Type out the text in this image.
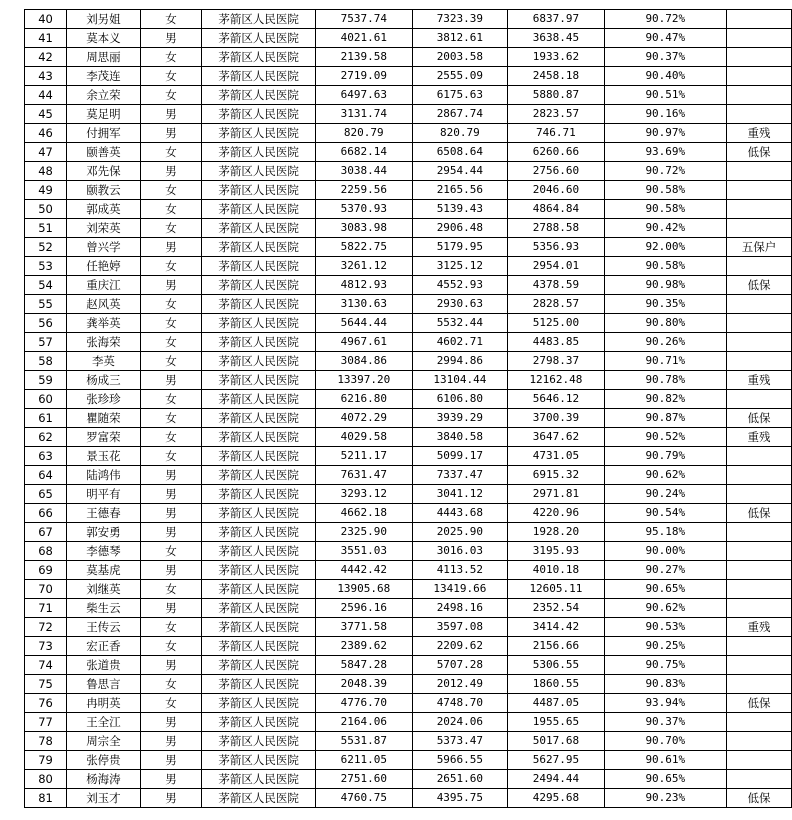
40	刘另姐	女	茅箭区人民医院	7537.74	7323.39	6837.97	90.72%	
41	莫本义	男	茅箭区人民医院	4021.61	3812.61	3638.45	90.47%	
42	周思丽	女	茅箭区人民医院	2139.58	2003.58	1933.62	90.37%	
43	李茂连	女	茅箭区人民医院	2719.09	2555.09	2458.18	90.40%	
44	余立荣	女	茅箭区人民医院	6497.63	6175.63	5880.87	90.51%	
45	莫足明	男	茅箭区人民医院	3131.74	2867.74	2823.57	90.16%	
46	付拥军	男	茅箭区人民医院	820.79	820.79	746.71	90.97%	重残
47	颐善英	女	茅箭区人民医院	6682.14	6508.64	6260.66	93.69%	低保
48	邓先保	男	茅箭区人民医院	3038.44	2954.44	2756.60	90.72%	
49	颐教云	女	茅箭区人民医院	2259.56	2165.56	2046.60	90.58%	
50	郭成英	女	茅箭区人民医院	5370.93	5139.43	4864.84	90.58%	
51	刘荣英	女	茅箭区人民医院	3083.98	2906.48	2788.58	90.42%	
52	曾兴学	男	茅箭区人民医院	5822.75	5179.95	5356.93	92.00%	五保户
53	任艳婷	女	茅箭区人民医院	3261.12	3125.12	2954.01	90.58%	
54	重庆江	男	茅箭区人民医院	4812.93	4552.93	4378.59	90.98%	低保
55	赵风英	女	茅箭区人民医院	3130.63	2930.63	2828.57	90.35%	
56	龚举英	女	茅箭区人民医院	5644.44	5532.44	5125.00	90.80%	
57	张海荣	女	茅箭区人民医院	4967.61	4602.71	4483.85	90.26%	
58	李英	女	茅箭区人民医院	3084.86	2994.86	2798.37	90.71%	
59	杨成三	男	茅箭区人民医院	13397.20	13104.44	12162.48	90.78%	重残
60	张珍珍	女	茅箭区人民医院	6216.80	6106.80	5646.12	90.82%	
61	瞿随荣	女	茅箭区人民医院	4072.29	3939.29	3700.39	90.87%	低保
62	罗富荣	女	茅箭区人民医院	4029.58	3840.58	3647.62	90.52%	重残
63	景玉花	女	茅箭区人民医院	5211.17	5099.17	4731.05	90.79%	
64	陆鸿伟	男	茅箭区人民医院	7631.47	7337.47	6915.32	90.62%	
65	明平有	男	茅箭区人民医院	3293.12	3041.12	2971.81	90.24%	
66	王德春	男	茅箭区人民医院	4662.18	4443.68	4220.96	90.54%	低保
67	郭安勇	男	茅箭区人民医院	2325.90	2025.90	1928.20	95.18%	
68	李德琴	女	茅箭区人民医院	3551.03	3016.03	3195.93	90.00%	
69	莫基虎	男	茅箭区人民医院	4442.42	4113.52	4010.18	90.27%	
70	刘继英	女	茅箭区人民医院	13905.68	13419.66	12605.11	90.65%	
71	柴生云	男	茅箭区人民医院	2596.16	2498.16	2352.54	90.62%	
72	王传云	女	茅箭区人民医院	3771.58	3597.08	3414.42	90.53%	重残
73	宏正香	女	茅箭区人民医院	2389.62	2209.62	2156.66	90.25%	
74	张道贵	男	茅箭区人民医院	5847.28	5707.28	5306.55	90.75%	
75	鲁思言	女	茅箭区人民医院	2048.39	2012.49	1860.55	90.83%	
76	冉明英	女	茅箭区人民医院	4776.70	4748.70	4487.05	93.94%	低保
77	王全江	男	茅箭区人民医院	2164.06	2024.06	1955.65	90.37%	
78	周宗全	男	茅箭区人民医院	5531.87	5373.47	5017.68	90.70%	
79	张停贵	男	茅箭区人民医院	6211.05	5966.55	5627.95	90.61%	
80	杨海涛	男	茅箭区人民医院	2751.60	2651.60	2494.44	90.65%	
81	刘玉才	男	茅箭区人民医院	4760.75	4395.75	4295.68	90.23%	低保
